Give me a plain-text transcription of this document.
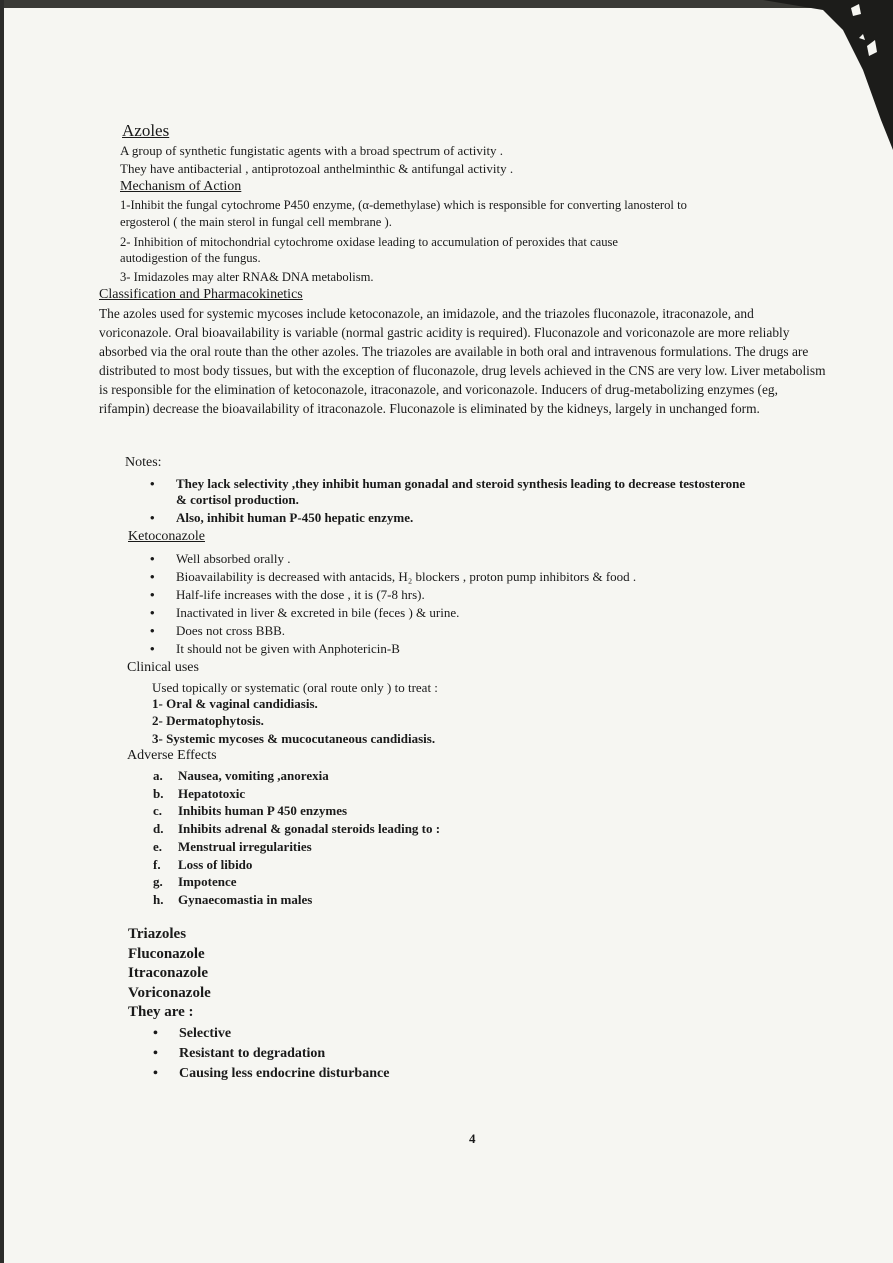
Azoles
A group of synthetic fungistatic agents with a broad spectrum of activity .
They have antibacterial , antiprotozoal anthelminthic & antifungal activity .
Mechanism of Action
1-Inhibit the fungal cytochrome P450 enzyme, (α-demethylase) which is responsible for converting lanosterol to
ergosterol ( the main sterol in fungal cell membrane ).
2- Inhibition of mitochondrial cytochrome oxidase leading to accumulation of peroxides that cause
autodigestion of the fungus.
3- Imidazoles may alter RNA& DNA metabolism.
Classification and Pharmacokinetics

The azoles used for systemic mycoses include ketoconazole, an imidazole, and the triazoles fluconazole, itraconazole, and voriconazole. Oral bioavailability is variable (normal gastric acidity is required). Fluconazole and voriconazole are more reliably absorbed via the oral route than the other azoles. The triazoles are available in both oral and intravenous formulations. The drugs are distributed to most body tissues, but with the exception of fluconazole, drug levels achieved in the CNS are very low. Liver metabolism is responsible for the elimination of ketoconazole, itraconazole, and voriconazole. Inducers of drug-metabolizing enzymes (eg, rifampin) decrease the bioavailability of itraconazole. Fluconazole is eliminated by the kidneys, largely in unchanged form.

Notes:
• They lack selectivity ,they inhibit human gonadal and steroid synthesis leading to decrease testosterone
& cortisol production.
• Also, inhibit human P-450 hepatic enzyme.
Ketoconazole
• Well absorbed orally .
• Bioavailability is decreased with antacids, H₂ blockers , proton pump inhibitors & food .
• Half-life increases with the dose , it is (7-8 hrs).
• Inactivated in liver & excreted in bile (feces ) & urine.
• Does not cross BBB.
• It should not be given with Anphotericin-B
Clinical uses
Used topically or systematic (oral route only ) to treat :
1- Oral & vaginal candidiasis.
2- Dermatophytosis.
3- Systemic mycoses & mucocutaneous candidiasis.
Adverse Effects
a. Nausea, vomiting ,anorexia
b. Hepatotoxic
c. Inhibits human P 450 enzymes
d. Inhibits adrenal & gonadal steroids leading to :
e. Menstrual irregularities
f. Loss of libido
g. Impotence
h. Gynaecomastia in males
Triazoles
Fluconazole
Itraconazole
Voriconazole
They are :
• Selective
• Resistant to degradation
• Causing less endocrine disturbance
4
